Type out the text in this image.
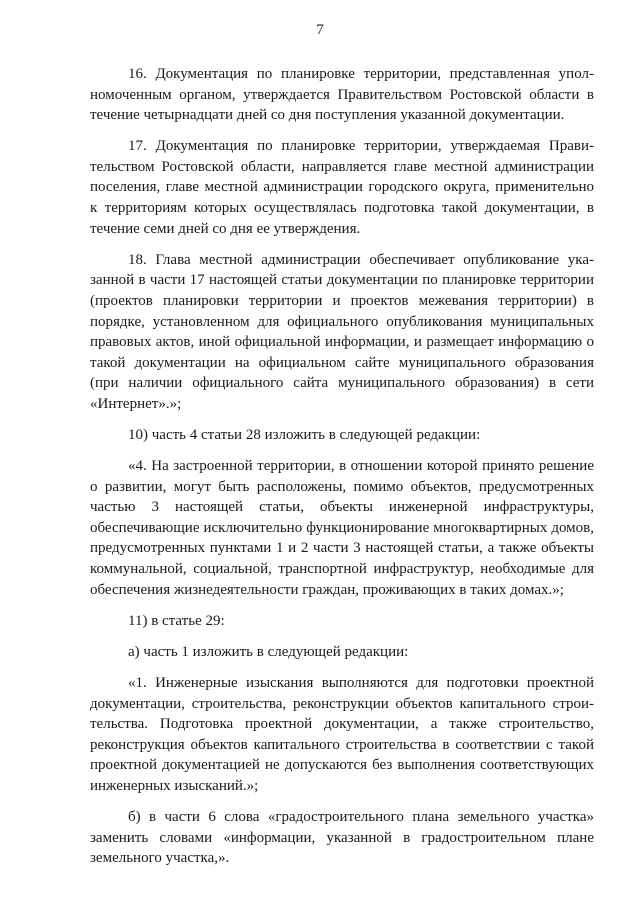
7

16. Документация по планировке территории, представленная уполномоченным органом, утверждается Правительством Ростовской области в течение четырнадцати дней со дня поступления указанной документации.

17. Документация по планировке территории, утверждаемая Правительством Ростовской области, направляется главе местной администрации поселения, главе местной администрации городского округа, применительно к территориям которых осуществлялась подготовка такой документации, в течение семи дней со дня ее утверждения.

18. Глава местной администрации обеспечивает опубликование указанной в части 17 настоящей статьи документации по планировке территории (проектов планировки территории и проектов межевания территории) в порядке, установленном для официального опубликования муниципальных правовых актов, иной официальной информации, и размещает информацию о такой документации на официальном сайте муниципального образования (при наличии официального сайта муниципального образования) в сети «Интернет».»;

10) часть 4 статьи 28 изложить в следующей редакции:

«4. На застроенной территории, в отношении которой принято решение о развитии, могут быть расположены, помимо объектов, предусмотренных частью 3 настоящей статьи, объекты инженерной инфраструктуры, обеспечивающие исключительно функционирование многоквартирных домов, предусмотренных пунктами 1 и 2 части 3 настоящей статьи, а также объекты коммунальной, социальной, транспортной инфраструктур, необходимые для обеспечения жизнедеятельности граждан, проживающих в таких домах.»;

11) в статье 29:

а) часть 1 изложить в следующей редакции:

«1. Инженерные изыскания выполняются для подготовки проектной документации, строительства, реконструкции объектов капитального строительства. Подготовка проектной документации, а также строительство, реконструкция объектов капитального строительства в соответствии с такой проектной документацией не допускаются без выполнения соответствующих инженерных изысканий.»;

б) в части 6 слова «градостроительного плана земельного участка» заменить словами «информации, указанной в градостроительном плане земельного участка,».
